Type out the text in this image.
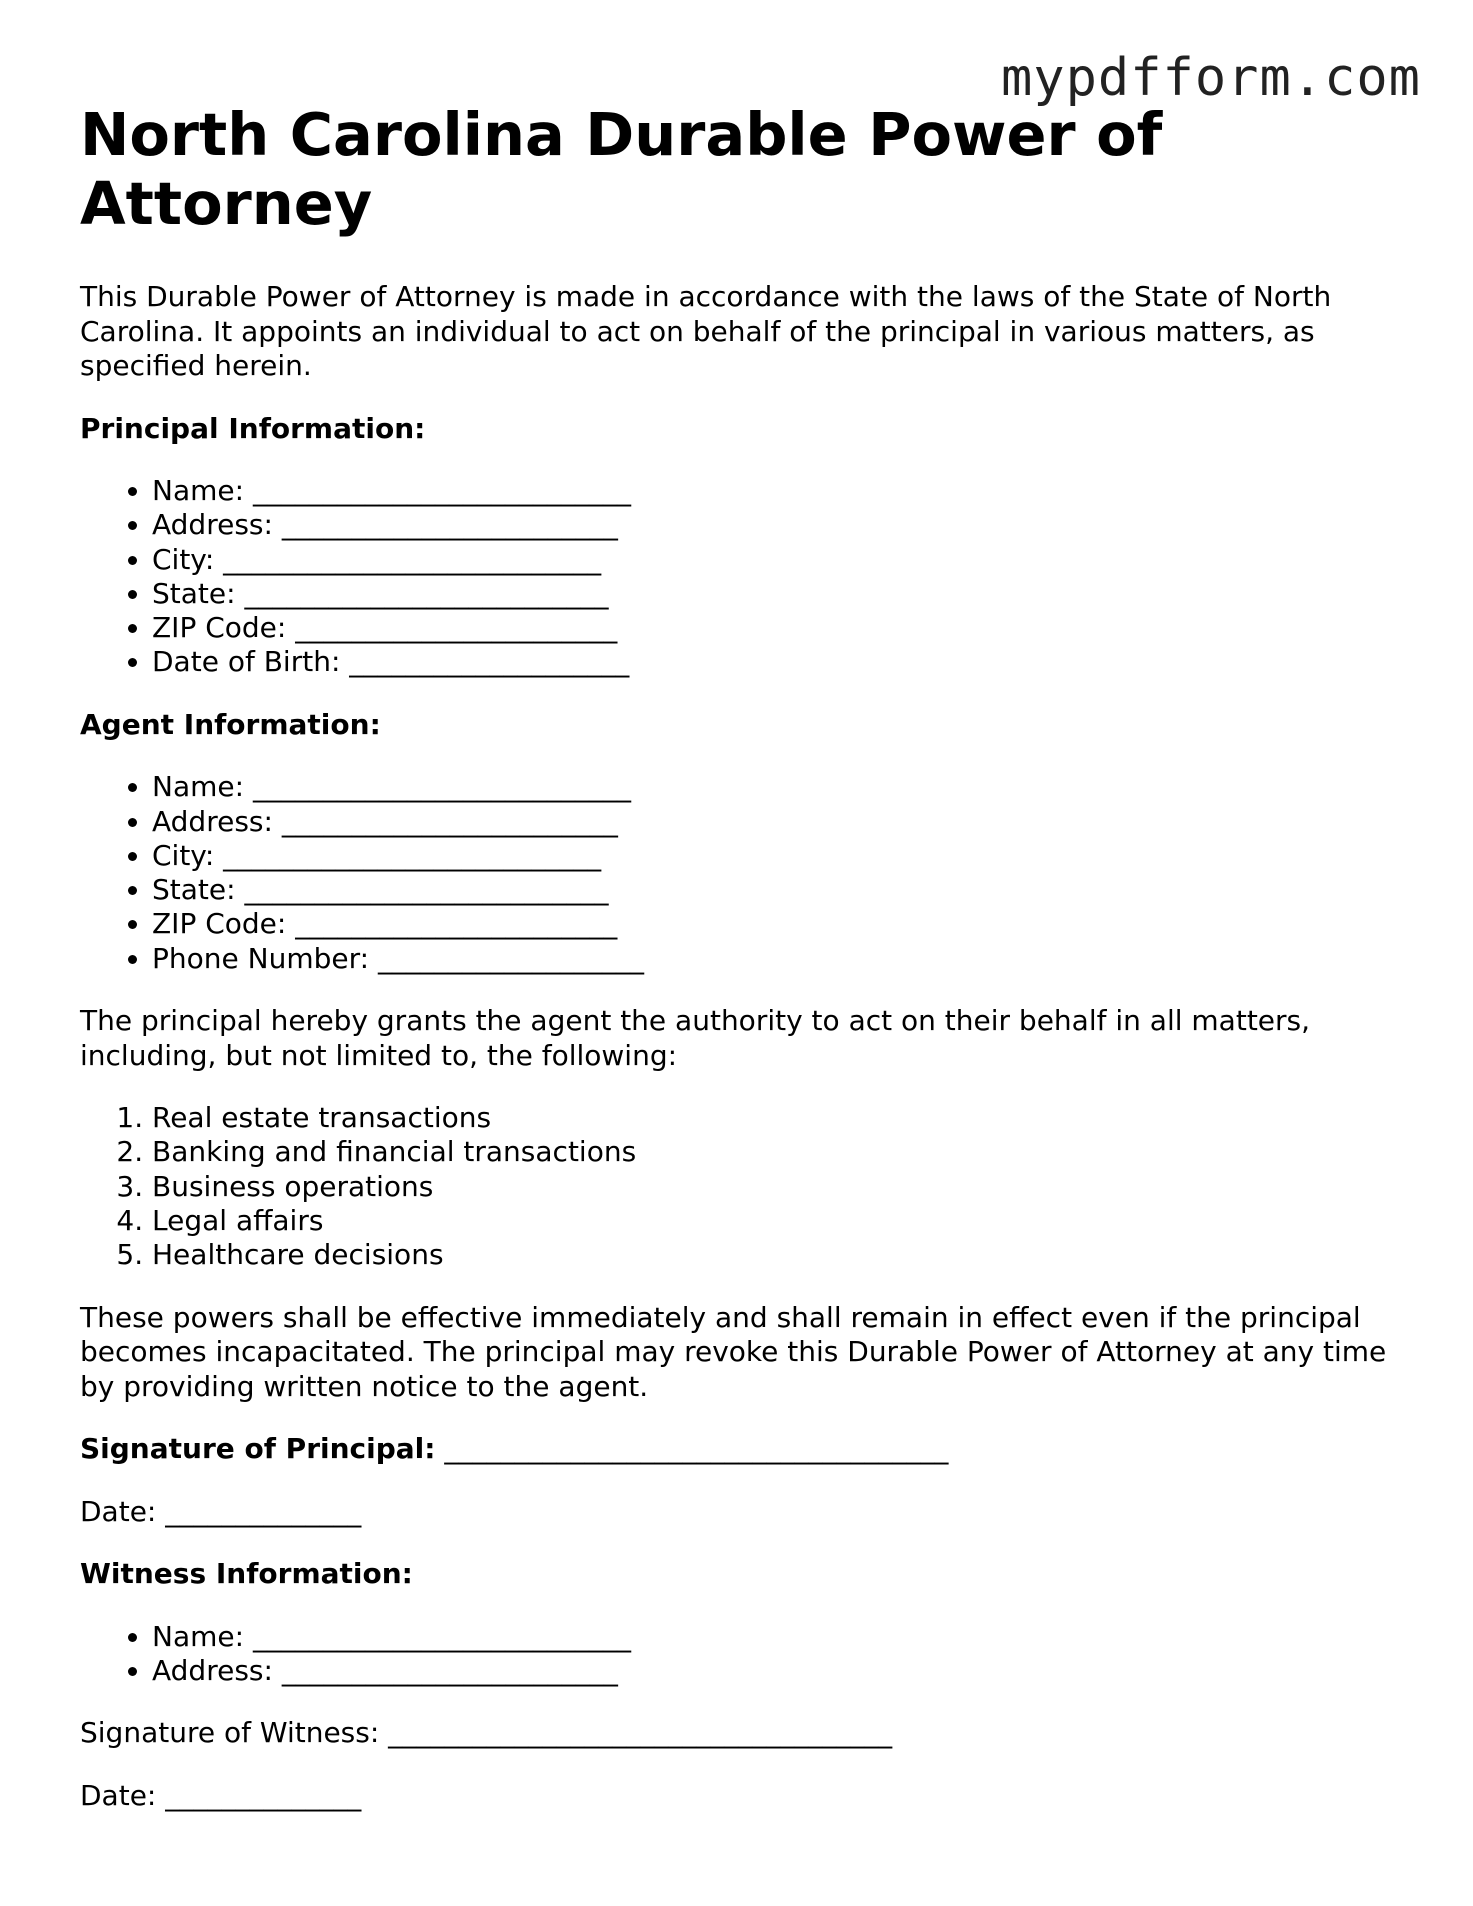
mypdfform.com
North Carolina Durable Power of Attorney

This Durable Power of Attorney is made in accordance with the laws of the State of North Carolina. It appoints an individual to act on behalf of the principal in various matters, as specified herein.

Principal Information:

• Name: ___________________________
• Address: ________________________
• City: ___________________________
• State: __________________________
• ZIP Code: _______________________
• Date of Birth: ____________________

Agent Information:

• Name: ___________________________
• Address: ________________________
• City: ___________________________
• State: __________________________
• ZIP Code: _______________________
• Phone Number: ___________________

The principal hereby grants the agent the authority to act on their behalf in all matters, including, but not limited to, the following:

1. Real estate transactions
2. Banking and financial transactions
3. Business operations
4. Legal affairs
5. Healthcare decisions

These powers shall be effective immediately and shall remain in effect even if the principal becomes incapacitated. The principal may revoke this Durable Power of Attorney at any time by providing written notice to the agent.

Signature of Principal: ____________________________________

Date: ______________

Witness Information:

• Name: ___________________________
• Address: ________________________

Signature of Witness: ____________________________________

Date: ______________
